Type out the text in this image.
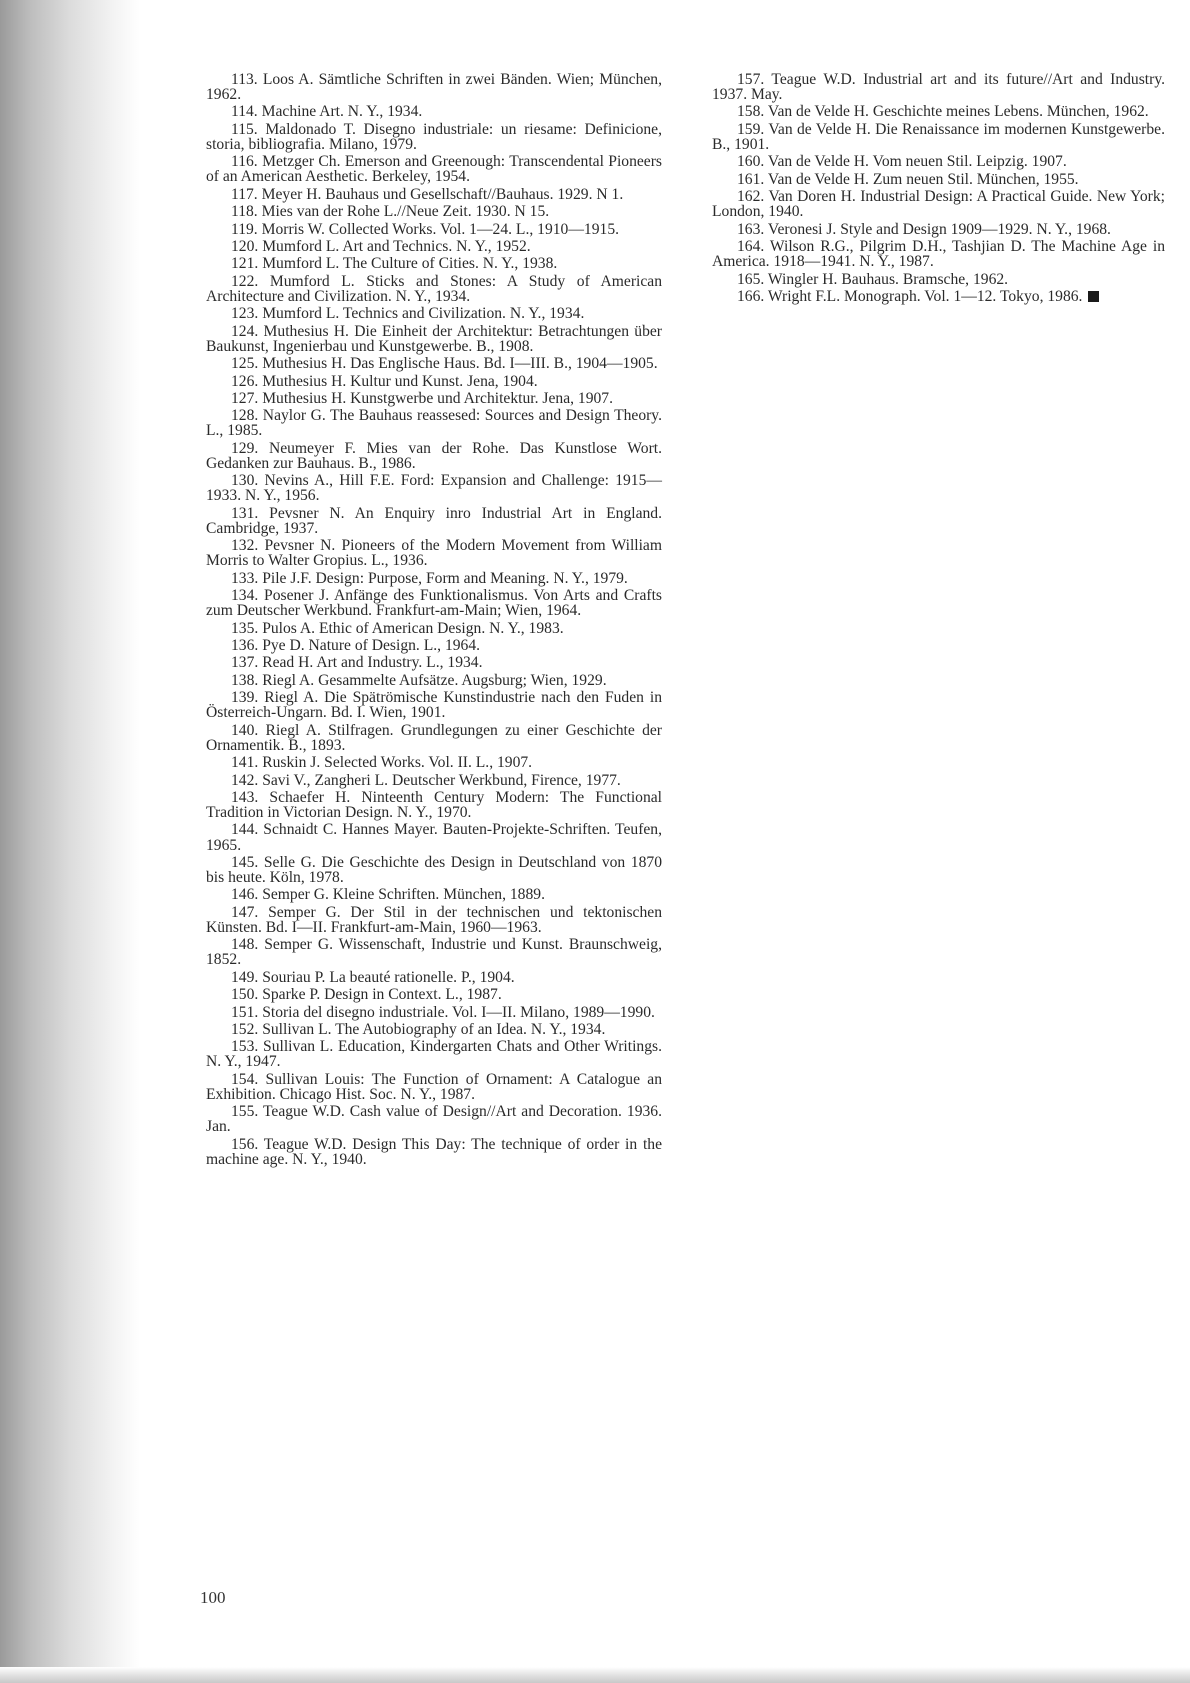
113. Loos A. Sämtliche Schriften in zwei Bänden. Wien; München, 1962.

114. Machine Art. N. Y., 1934.

115. Maldonado T. Disegno industriale: un riesame: Definicione, storia, bibliografia. Milano, 1979.

116. Metzger Ch. Emerson and Greenough: Transcendental Pioneers of an American Aesthetic. Berkeley, 1954.

117. Meyer H. Bauhaus und Gesellschaft//Bauhaus. 1929. N 1.

118. Mies van der Rohe L.//Neue Zeit. 1930. N 15.

119. Morris W. Collected Works. Vol. 1—24. L., 1910—1915.

120. Mumford L. Art and Technics. N. Y., 1952.

121. Mumford L. The Culture of Cities. N. Y., 1938.

122. Mumford L. Sticks and Stones: A Study of American Architecture and Civilization. N. Y., 1934.

123. Mumford L. Technics and Civilization. N. Y., 1934.

124. Muthesius H. Die Einheit der Architektur: Betrachtungen über Baukunst, Ingenierbau und Kunstgewerbe. B., 1908.

125. Muthesius H. Das Englische Haus. Bd. I—III. B., 1904—1905.

126. Muthesius H. Kultur und Kunst. Jena, 1904.

127. Muthesius H. Kunstgwerbe und Architektur. Jena, 1907.

128. Naylor G. The Bauhaus reassesed: Sources and Design Theory. L., 1985.

129. Neumeyer F. Mies van der Rohe. Das Kunstlose Wort. Gedanken zur Bauhaus. B., 1986.

130. Nevins A., Hill F.E. Ford: Expansion and Challenge: 1915—1933. N. Y., 1956.

131. Pevsner N. An Enquiry inro Industrial Art in England. Cambridge, 1937.

132. Pevsner N. Pioneers of the Modern Movement from William Morris to Walter Gropius. L., 1936.

133. Pile J.F. Design: Purpose, Form and Meaning. N. Y., 1979.

134. Posener J. Anfänge des Funktionalismus. Von Arts and Crafts zum Deutscher Werkbund. Frankfurt-am-Main; Wien, 1964.

135. Pulos A. Ethic of American Design. N. Y., 1983.

136. Pye D. Nature of Design. L., 1964.

137. Read H. Art and Industry. L., 1934.

138. Riegl A. Gesammelte Aufsätze. Augsburg; Wien, 1929.

139. Riegl A. Die Spätrömische Kunstindustrie nach den Fuden in Österreich-Ungarn. Bd. I. Wien, 1901.

140. Riegl A. Stilfragen. Grundlegungen zu einer Geschichte der Ornamentik. B., 1893.

141. Ruskin J. Selected Works. Vol. II. L., 1907.

142. Savi V., Zangheri L. Deutscher Werkbund, Firence, 1977.

143. Schaefer H. Ninteenth Century Modern: The Functional Tradition in Victorian Design. N. Y., 1970.

144. Schnaidt C. Hannes Mayer. Bauten-Projekte-Schriften. Teufen, 1965.

145. Selle G. Die Geschichte des Design in Deutschland von 1870 bis heute. Köln, 1978.

146. Semper G. Kleine Schriften. München, 1889.

147. Semper G. Der Stil in der technischen und tektonischen Künsten. Bd. I—II. Frankfurt-am-Main, 1960—1963.

148. Semper G. Wissenschaft, Industrie und Kunst. Braunschweig, 1852.

149. Souriau P. La beauté rationelle. P., 1904.

150. Sparke P. Design in Context. L., 1987.

151. Storia del disegno industriale. Vol. I—II. Milano, 1989—1990.

152. Sullivan L. The Autobiography of an Idea. N. Y., 1934.

153. Sullivan L. Education, Kindergarten Chats and Other Writings. N. Y., 1947.

154. Sullivan Louis: The Function of Ornament: A Catalogue an Exhibition. Chicago Hist. Soc. N. Y., 1987.

155. Teague W.D. Cash value of Design//Art and Decoration. 1936. Jan.

156. Teague W.D. Design This Day: The technique of order in the machine age. N. Y., 1940.

157. Teague W.D. Industrial art and its future//Art and Industry. 1937. May.

158. Van de Velde H. Geschichte meines Lebens. München, 1962.

159. Van de Velde H. Die Renaissance im modernen Kunstgewerbe. B., 1901.

160. Van de Velde H. Vom neuen Stil. Leipzig. 1907.

161. Van de Velde H. Zum neuen Stil. München, 1955.

162. Van Doren H. Industrial Design: A Practical Guide. New York; London, 1940.

163. Veronesi J. Style and Design 1909—1929. N. Y., 1968.

164. Wilson R.G., Pilgrim D.H., Tashjian D. The Machine Age in America. 1918—1941. N. Y., 1987.

165. Wingler H. Bauhaus. Bramsche, 1962.

166. Wright F.L. Monograph. Vol. 1—12. Tokyo, 1986.

100
